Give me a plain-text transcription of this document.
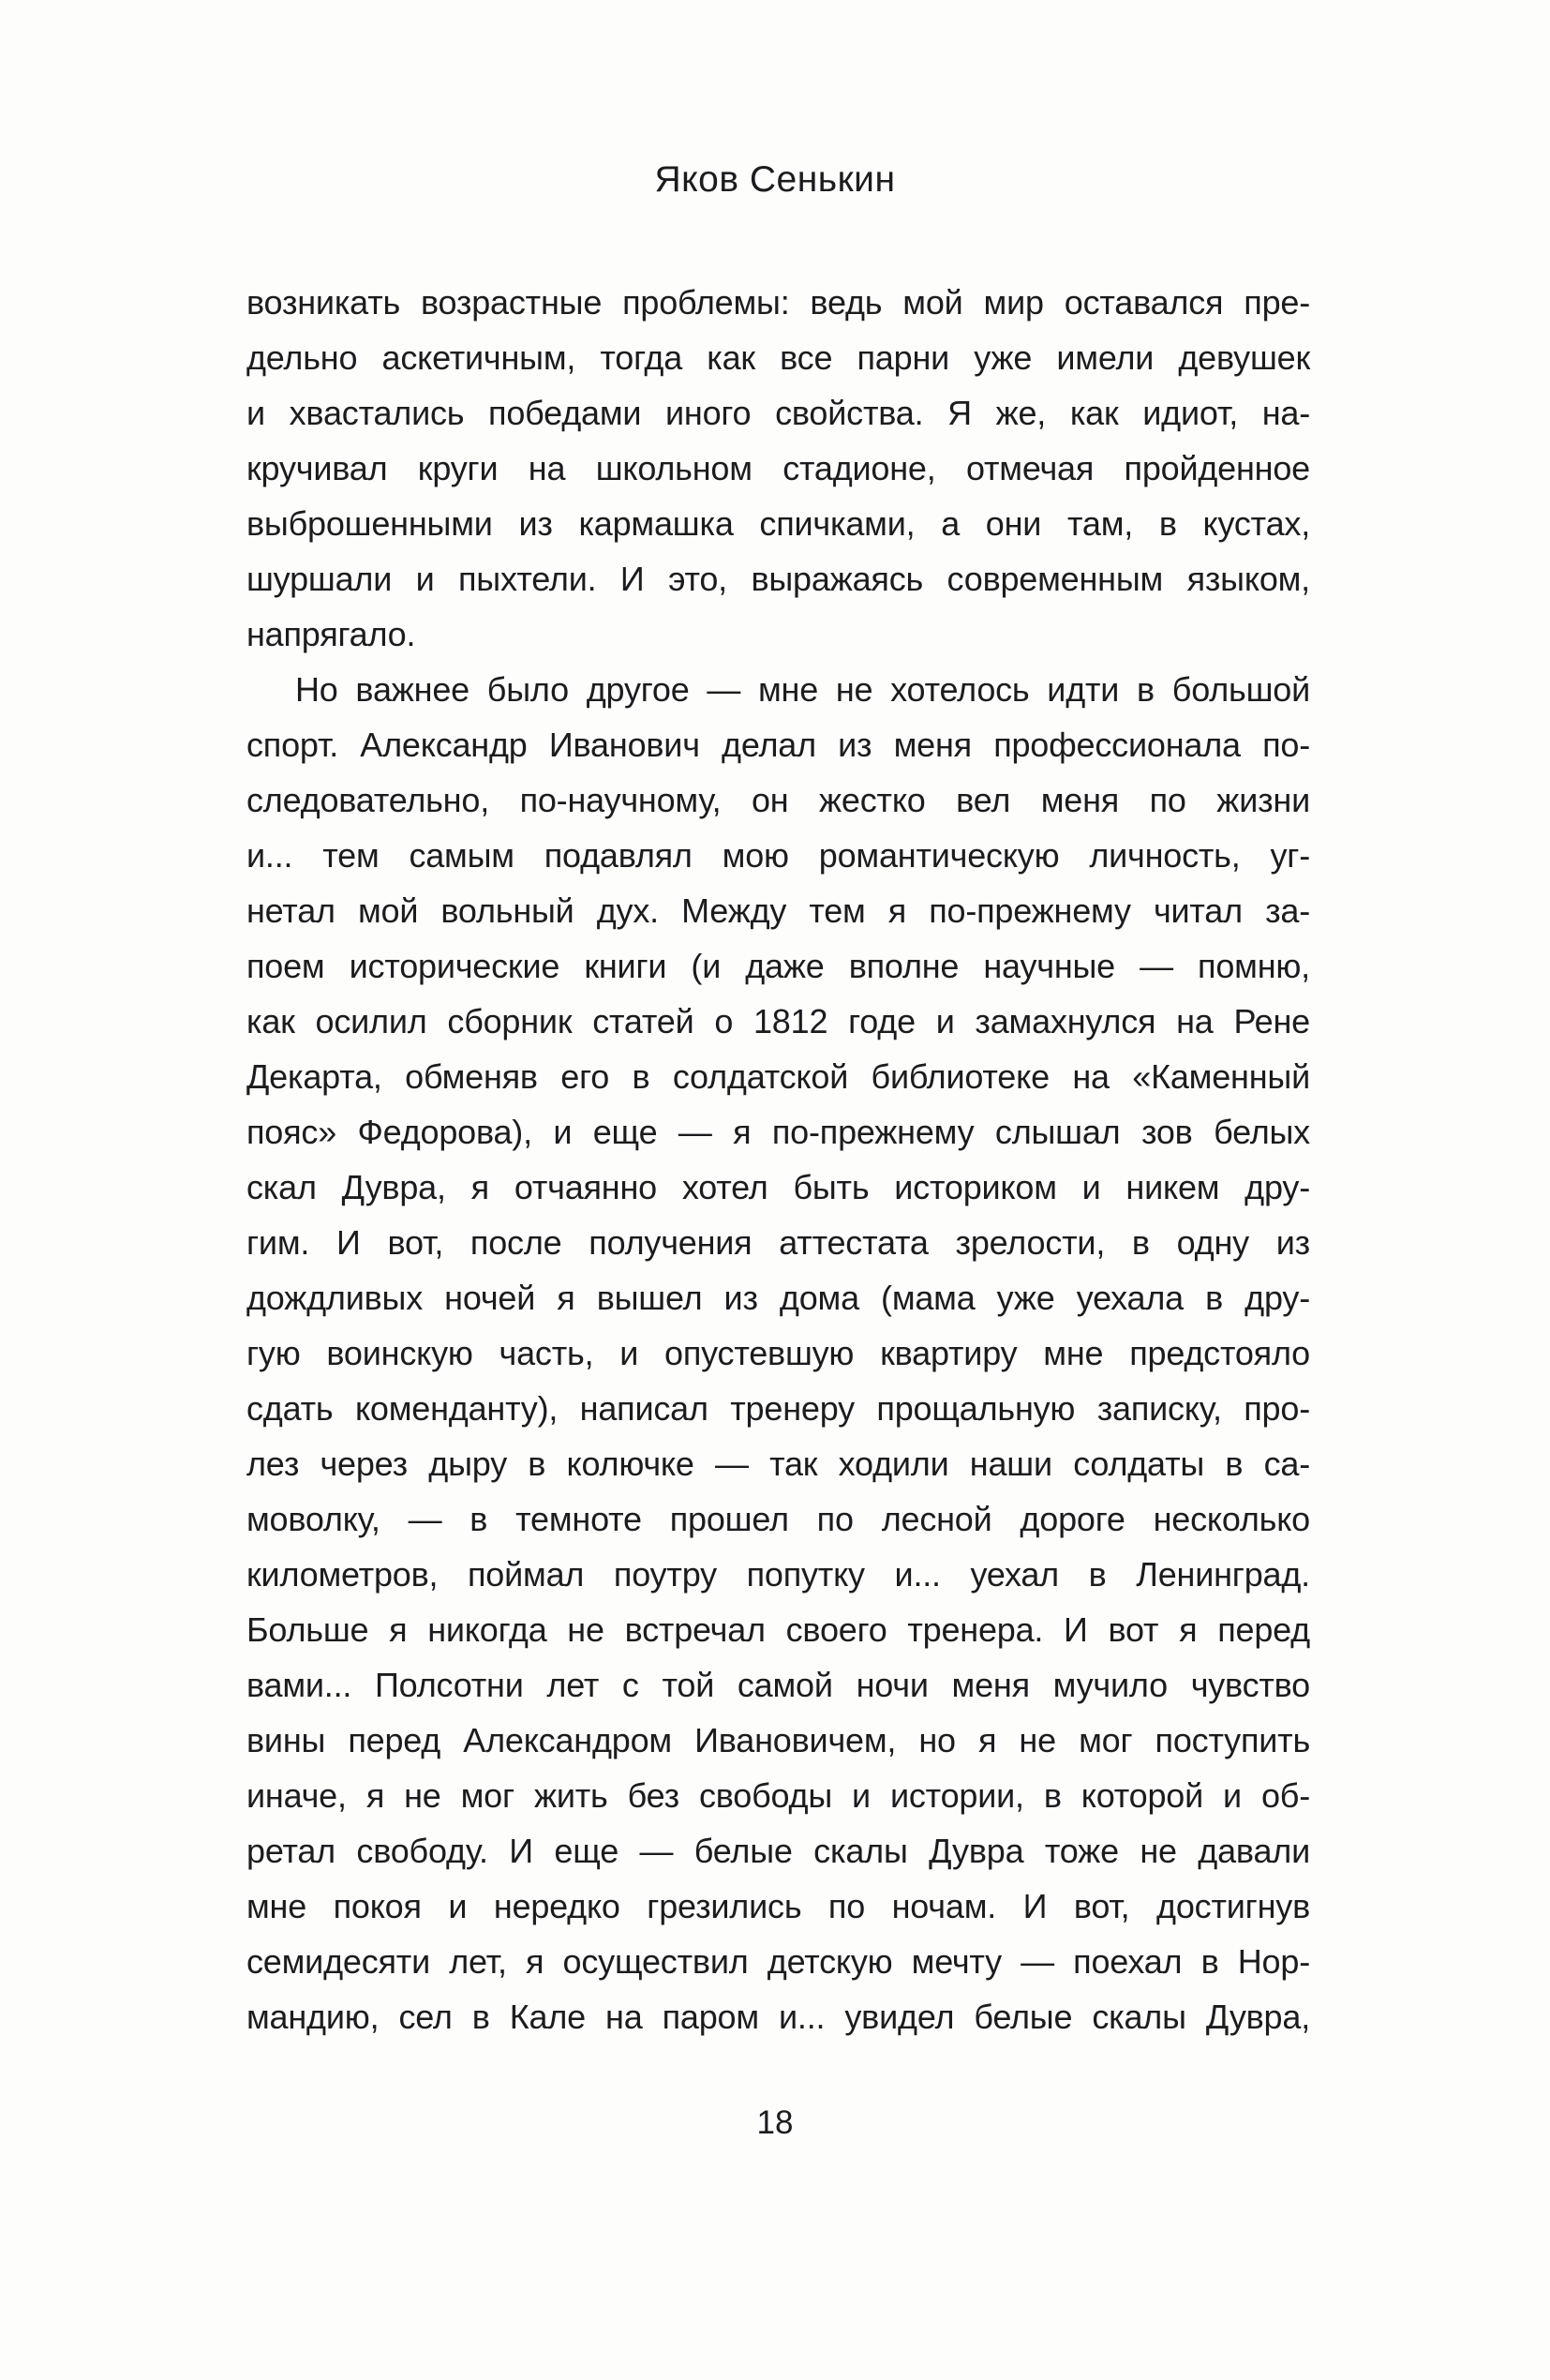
Яков Сенькин
возникать возрастные проблемы: ведь мой мир оставался пре-
дельно аскетичным, тогда как все парни уже имели девушек
и хвастались победами иного свойства. Я же, как идиот, на-
кручивал круги на школьном стадионе, отмечая пройденное
выброшенными из кармашка спичками, а они там, в кустах,
шуршали и пыхтели. И это, выражаясь современным языком,
напрягало.
Но важнее было другое — мне не хотелось идти в большой
спорт. Александр Иванович делал из меня профессионала по-
следовательно, по-научному, он жестко вел меня по жизни
и... тем самым подавлял мою романтическую личность, уг-
нетал мой вольный дух. Между тем я по-прежнему читал за-
поем исторические книги (и даже вполне научные — помню,
как осилил сборник статей о 1812 годе и замахнулся на Рене
Декарта, обменяв его в солдатской библиотеке на «Каменный
пояс» Федорова), и еще — я по-прежнему слышал зов белых
скал Дувра, я отчаянно хотел быть историком и никем дру-
гим. И вот, после получения аттестата зрелости, в одну из
дождливых ночей я вышел из дома (мама уже уехала в дру-
гую воинскую часть, и опустевшую квартиру мне предстояло
сдать коменданту), написал тренеру прощальную записку, про-
лез через дыру в колючке — так ходили наши солдаты в са-
моволку, — в темноте прошел по лесной дороге несколько
километров, поймал поутру попутку и... уехал в Ленинград.
Больше я никогда не встречал своего тренера. И вот я перед
вами... Полсотни лет с той самой ночи меня мучило чувство
вины перед Александром Ивановичем, но я не мог поступить
иначе, я не мог жить без свободы и истории, в которой и об-
ретал свободу. И еще — белые скалы Дувра тоже не давали
мне покоя и нередко грезились по ночам. И вот, достигнув
семидесяти лет, я осуществил детскую мечту — поехал в Нор-
мандию, сел в Кале на паром и... увидел белые скалы Дувра,
18
